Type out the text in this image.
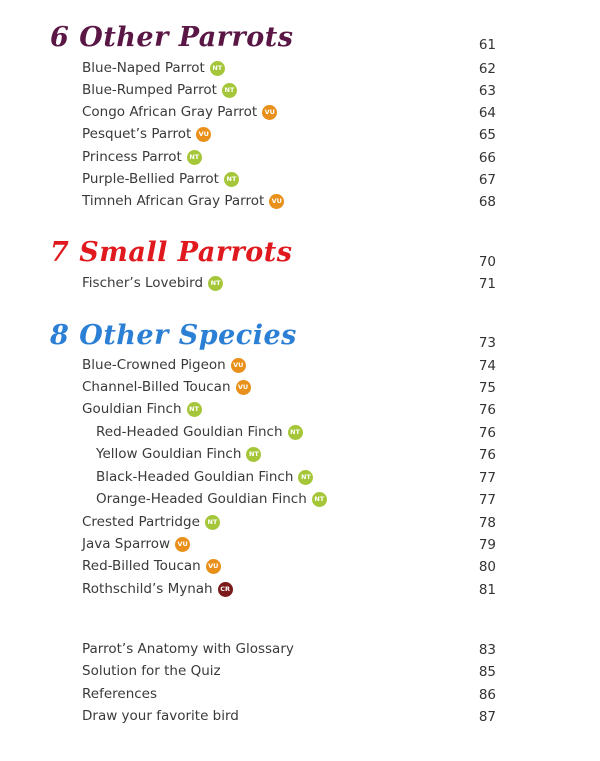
6 Other Parrots	61
Blue-Naped Parrot	NT	62
Blue-Rumped Parrot	NT	63
Congo African Gray Parrot	VU	64
Pesquet’s Parrot	VU	65
Princess Parrot	NT	66
Purple-Bellied Parrot	NT	67
Timneh African Gray Parrot	VU	68
7 Small Parrots	70
Fischer’s Lovebird	NT	71
8 Other Species	73
Blue-Crowned Pigeon	VU	74
Channel-Billed Toucan	VU	75
Gouldian Finch	NT	76
Red-Headed Gouldian Finch	NT	76
Yellow Gouldian Finch	NT	76
Black-Headed Gouldian Finch	NT	77
Orange-Headed Gouldian Finch	NT	77
Crested Partridge	NT	78
Java Sparrow	VU	79
Red-Billed Toucan	VU	80
Rothschild’s Mynah	CR	81
Parrot’s Anatomy with Glossary	83
Solution for the Quiz	85
References	86
Draw your favorite bird	87
